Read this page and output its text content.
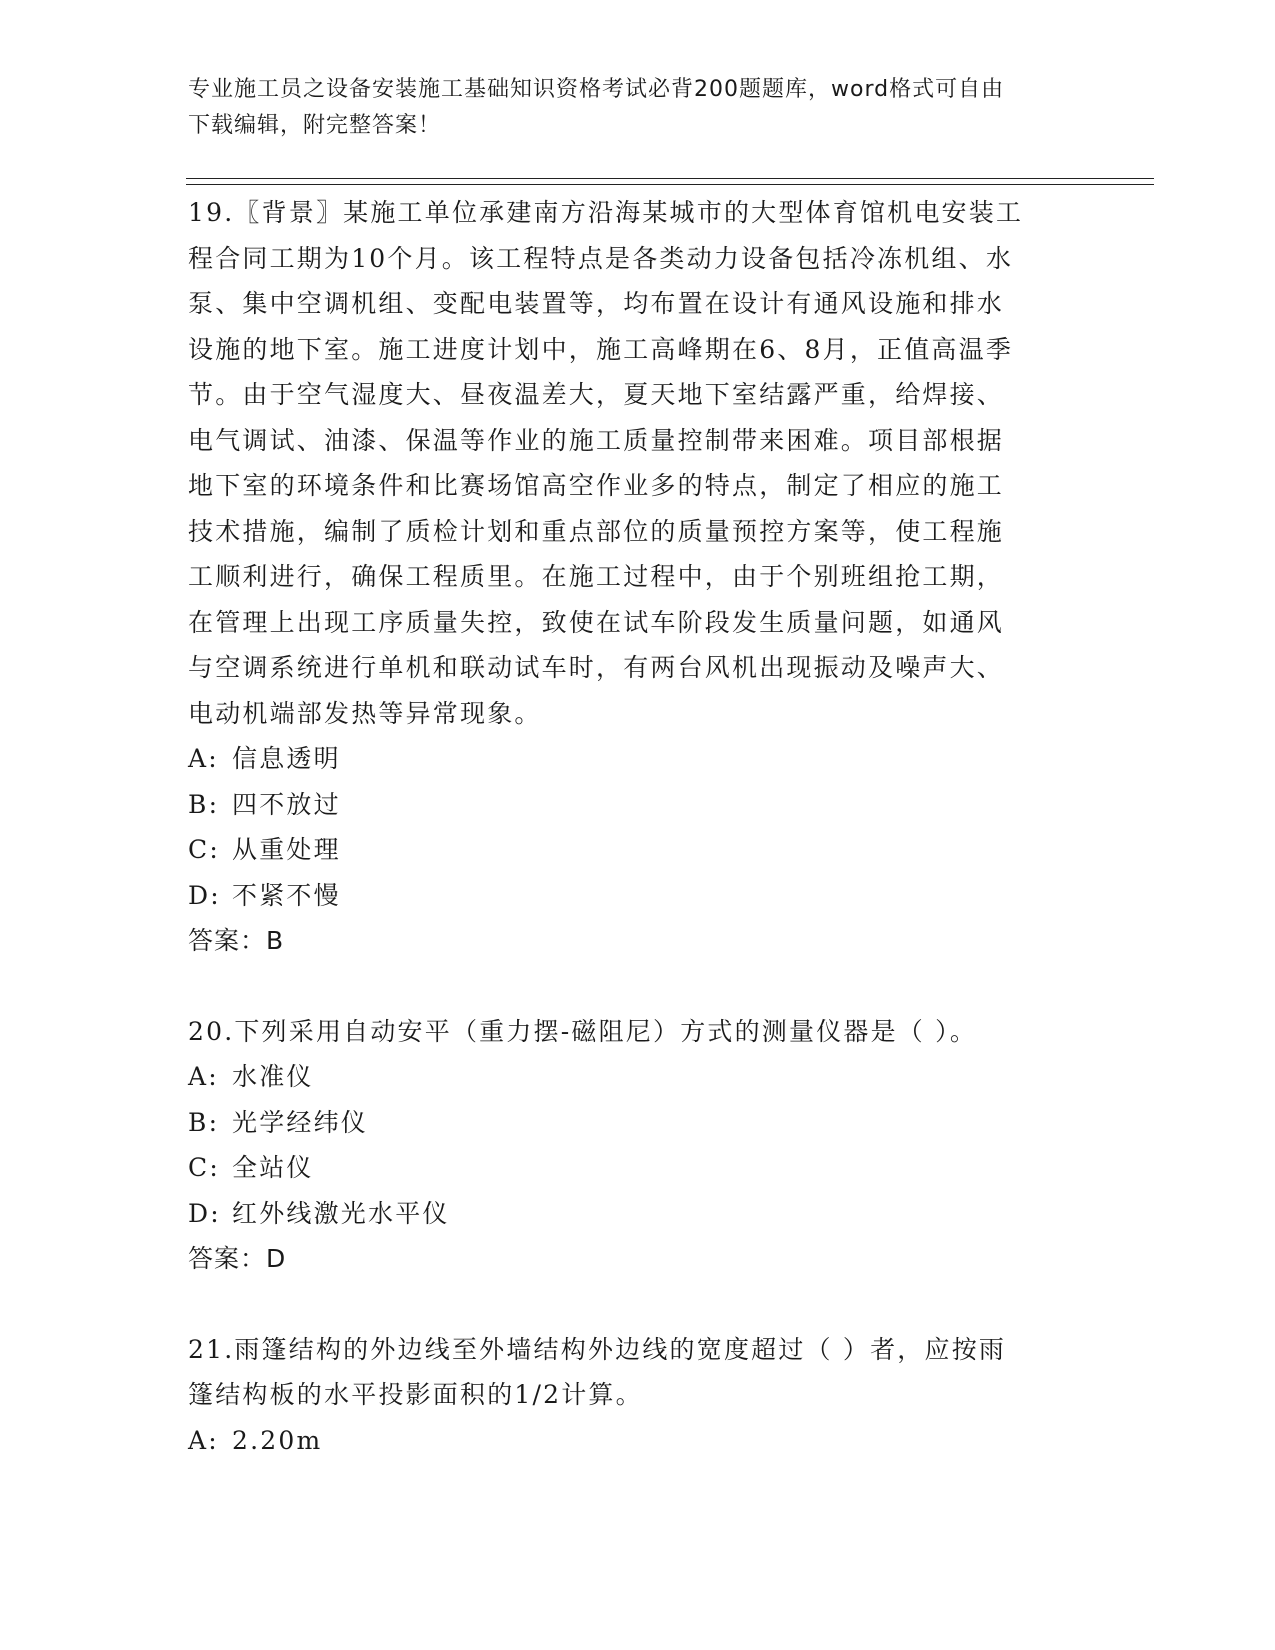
专业施工员之设备安装施工基础知识资格考试必背200题题库，word格式可自由
下载编辑，附完整答案！
19.〖背景〗某施工单位承建南方沿海某城市的大型体育馆机电安装工
程合同工期为10个月。该工程特点是各类动力设备包括冷冻机组、水
泵、集中空调机组、变配电装置等，均布置在设计有通风设施和排水
设施的地下室。施工进度计划中，施工高峰期在6、8月，正值高温季
节。由于空气湿度大、昼夜温差大，夏天地下室结露严重，给焊接、
电气调试、油漆、保温等作业的施工质量控制带来困难。项目部根据
地下室的环境条件和比赛场馆高空作业多的特点，制定了相应的施工
技术措施，编制了质检计划和重点部位的质量预控方案等，使工程施
工顺利进行，确保工程质里。在施工过程中，由于个别班组抢工期，
在管理上出现工序质量失控，致使在试车阶段发生质量问题，如通风
与空调系统进行单机和联动试车时，有两台风机出现振动及噪声大、
电动机端部发热等异常现象。
A: 信息透明
B: 四不放过
C: 从重处理
D: 不紧不慢
答案：B
20.下列采用自动安平（重力摆-磁阻尼）方式的测量仪器是（ ）。
A: 水准仪
B: 光学经纬仪
C: 全站仪
D: 红外线激光水平仪
答案：D
21.雨篷结构的外边线至外墙结构外边线的宽度超过（ ）者，应按雨
篷结构板的水平投影面积的1/2计算。
A: 2.20m
